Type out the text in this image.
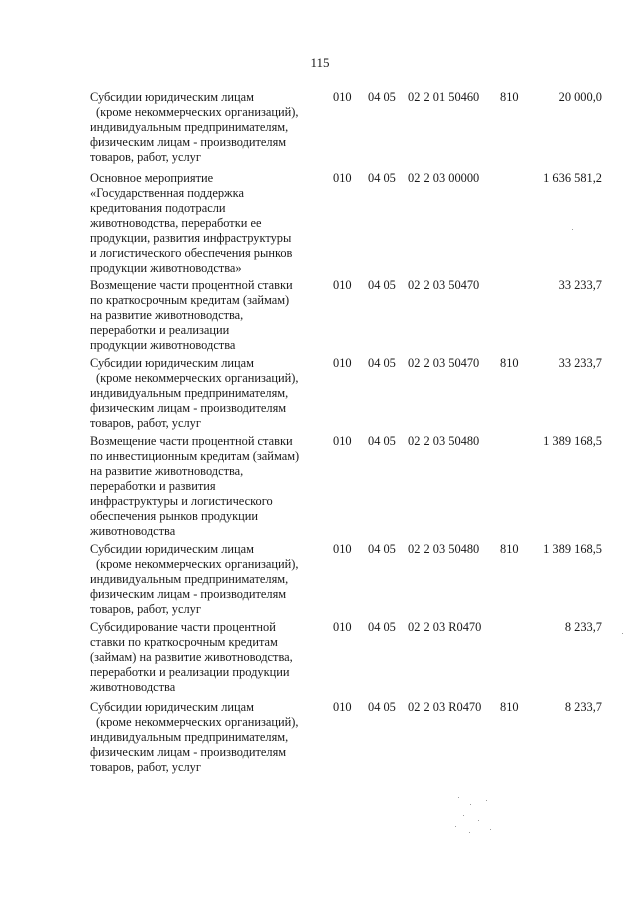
115
Субсидии юридическим лицам
(кроме некоммерческих организаций),
индивидуальным предпринимателям,
физическим лицам - производителям
товаров, работ, услуг
010 04 05 02 2 01 50460 810	20 000,0
Основное мероприятие
«Государственная поддержка
кредитования подотрасли
животноводства, переработки ее
продукции, развития инфраструктуры
и логистического обеспечения рынков
продукции животноводства»
010 04 05 02 2 03 00000	1 636 581,2
Возмещение части процентной ставки
по краткосрочным кредитам (займам)
на развитие животноводства,
переработки и реализации
продукции животноводства
010 04 05 02 2 03 50470	33 233,7
Субсидии юридическим лицам
(кроме некоммерческих организаций),
индивидуальным предпринимателям,
физическим лицам - производителям
товаров, работ, услуг
010 04 05 02 2 03 50470 810	33 233,7
Возмещение части процентной ставки
по инвестиционным кредитам (займам)
на развитие животноводства,
переработки и развития
инфраструктуры и логистического
обеспечения рынков продукции
животноводства
010 04 05 02 2 03 50480	1 389 168,5
Субсидии юридическим лицам
(кроме некоммерческих организаций),
индивидуальным предпринимателям,
физическим лицам - производителям
товаров, работ, услуг
010 04 05 02 2 03 50480 810 1 389 168,5
Субсидирование части процентной
ставки по краткосрочным кредитам
(займам) на развитие животноводства,
переработки и реализации продукции
животноводства
010 04 05 02 2 03 R0470	8 233,7
Субсидии юридическим лицам
(кроме некоммерческих организаций),
индивидуальным предпринимателям,
физическим лицам - производителям
товаров, работ, услуг
010 04 05 02 2 03 R0470 810	8 233,7
